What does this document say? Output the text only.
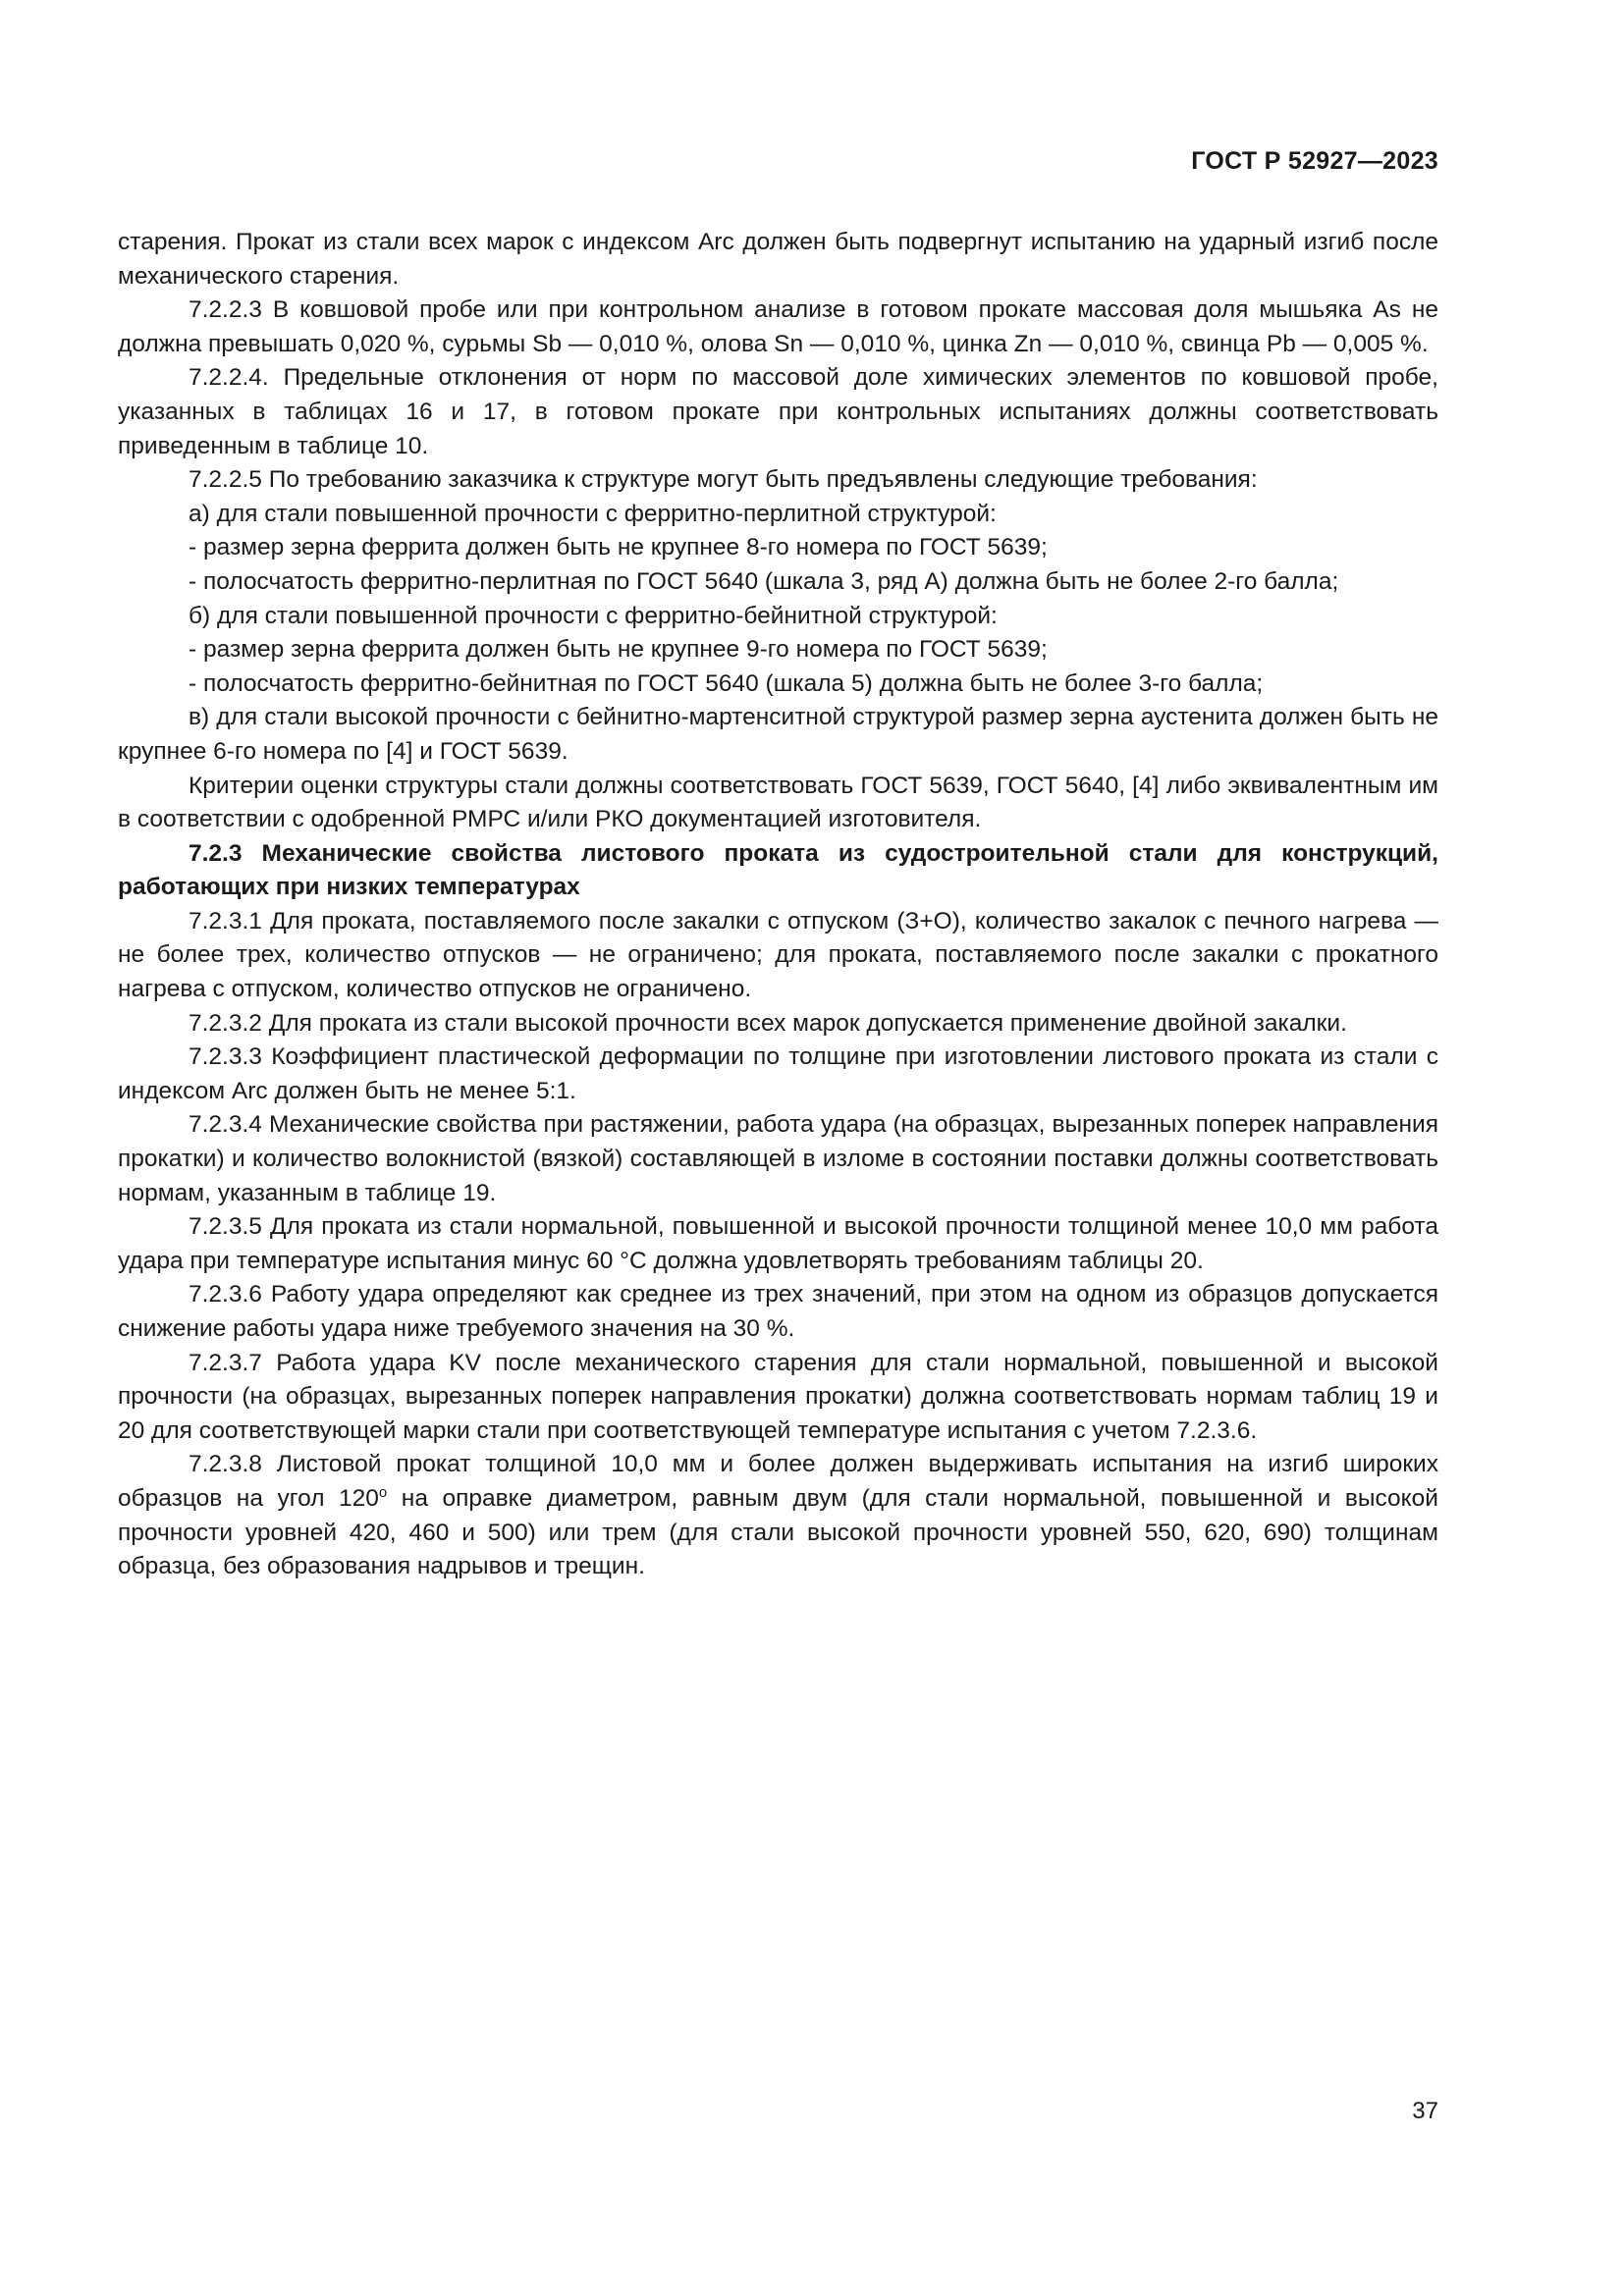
ГОСТ Р 52927—2023

старения. Прокат из стали всех марок с индексом Arc должен быть подвергнут испытанию на ударный изгиб после механического старения.

7.2.2.3 В ковшовой пробе или при контрольном анализе в готовом прокате массовая доля мышьяка As не должна превышать 0,020 %, сурьмы Sb — 0,010 %, олова Sn — 0,010 %, цинка Zn — 0,010 %, свинца Pb — 0,005 %.

7.2.2.4. Предельные отклонения от норм по массовой доле химических элементов по ковшовой пробе, указанных в таблицах 16 и 17, в готовом прокате при контрольных испытаниях должны соответствовать приведенным в таблице 10.

7.2.2.5 По требованию заказчика к структуре могут быть предъявлены следующие требования:

а) для стали повышенной прочности с ферритно-перлитной структурой:

- размер зерна феррита должен быть не крупнее 8-го номера по ГОСТ 5639;

- полосчатость ферритно-перлитная по ГОСТ 5640 (шкала 3, ряд А) должна быть не более 2-го балла;

б) для стали повышенной прочности с ферритно-бейнитной структурой:

- размер зерна феррита должен быть не крупнее 9-го номера по ГОСТ 5639;

- полосчатость ферритно-бейнитная по ГОСТ 5640 (шкала 5) должна быть не более 3-го балла;

в) для стали высокой прочности с бейнитно-мартенситной структурой размер зерна аустенита должен быть не крупнее 6-го номера по [4] и ГОСТ 5639.

Критерии оценки структуры стали должны соответствовать ГОСТ 5639, ГОСТ 5640, [4] либо эквивалентным им в соответствии с одобренной РМРС и/или РКО документацией изготовителя.

7.2.3 Механические свойства листового проката из судостроительной стали для конструкций, работающих при низких температурах

7.2.3.1 Для проката, поставляемого после закалки с отпуском (З+О), количество закалок с печного нагрева — не более трех, количество отпусков — не ограничено; для проката, поставляемого после закалки с прокатного нагрева с отпуском, количество отпусков не ограничено.

7.2.3.2 Для проката из стали высокой прочности всех марок допускается применение двойной закалки.

7.2.3.3 Коэффициент пластической деформации по толщине при изготовлении листового проката из стали с индексом Arc должен быть не менее 5:1.

7.2.3.4 Механические свойства при растяжении, работа удара (на образцах, вырезанных поперек направления прокатки) и количество волокнистой (вязкой) составляющей в изломе в состоянии поставки должны соответствовать нормам, указанным в таблице 19.

7.2.3.5 Для проката из стали нормальной, повышенной и высокой прочности толщиной менее 10,0 мм работа удара при температуре испытания минус 60 °С должна удовлетворять требованиям таблицы 20.

7.2.3.6 Работу удара определяют как среднее из трех значений, при этом на одном из образцов допускается снижение работы удара ниже требуемого значения на 30 %.

7.2.3.7 Работа удара KV после механического старения для стали нормальной, повышенной и высокой прочности (на образцах, вырезанных поперек направления прокатки) должна соответствовать нормам таблиц 19 и 20 для соответствующей марки стали при соответствующей температуре испытания с учетом 7.2.3.6.

7.2.3.8 Листовой прокат толщиной 10,0 мм и более должен выдерживать испытания на изгиб широких образцов на угол $120^о$ на оправке диаметром, равным двум (для стали нормальной, повышенной и высокой прочности уровней 420, 460 и 500) или трем (для стали высокой прочности уровней 550, 620, 690) толщинам образца, без образования надрывов и трещин.

37
